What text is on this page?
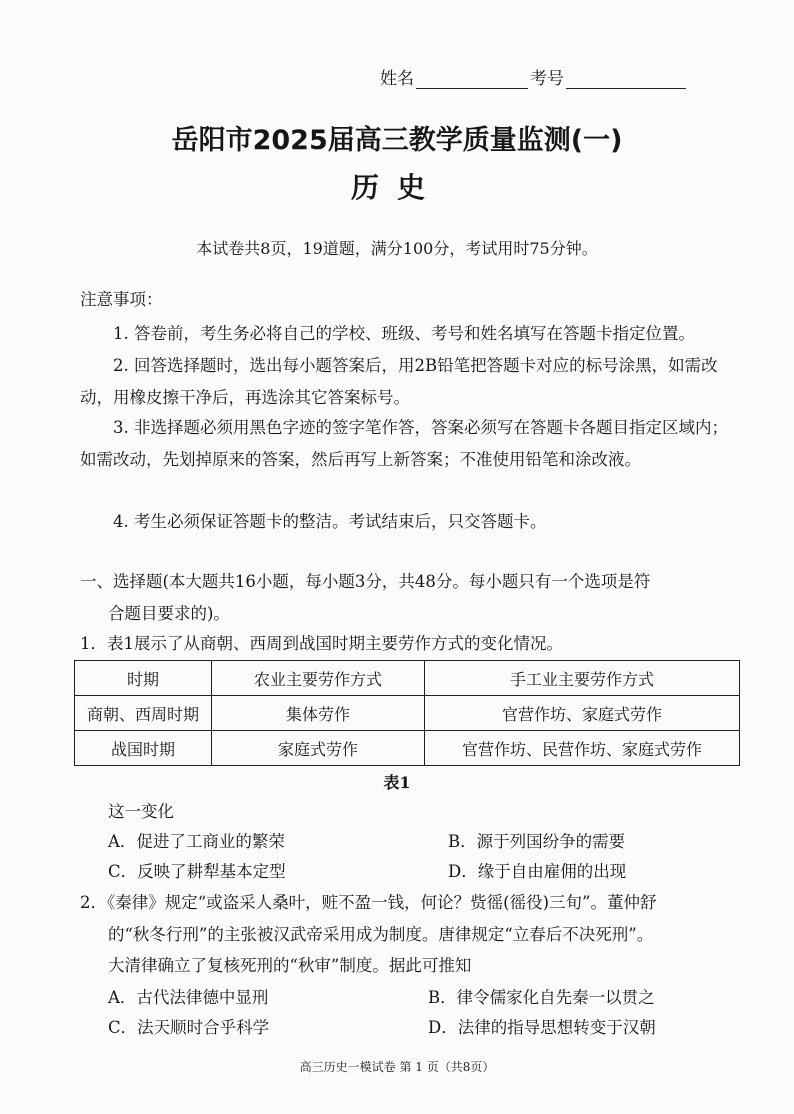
姓名	考号
岳阳市2025届高三教学质量监测(一)
历史
本试卷共8页，19道题，满分100分，考试用时75分钟。
注意事项：
1. 答卷前，考生务必将自己的学校、班级、考号和姓名填写在答题卡指定位置。
2. 回答选择题时，选出每小题答案后，用2B铅笔把答题卡对应的标号涂黑，如需改动，用橡皮擦干净后，再选涂其它答案标号。
3. 非选择题必须用黑色字迹的签字笔作答，答案必须写在答题卡各题目指定区域内；如需改动，先划掉原来的答案，然后再写上新答案；不准使用铅笔和涂改液。
4. 考生必须保证答题卡的整洁。考试结束后，只交答题卡。
一、选择题(本大题共16小题，每小题3分，共48分。每小题只有一个选项是符
合题目要求的)。
1．表1展示了从商朝、西周到战国时期主要劳作方式的变化情况。
时期	农业主要劳作方式	手工业主要劳作方式
商朝、西周时期	集体劳作	官营作坊、家庭式劳作
战国时期	家庭式劳作	官营作坊、民营作坊、家庭式劳作
表1
这一变化
A．促进了工商业的繁荣	B．源于列国纷争的需要
C．反映了耕犁基本定型	D．缘于自由雇佣的出现
2．《秦律》规定“或盗采人桑叶，赃不盈一钱，何论？赀徭(徭役)三旬”。董仲舒
的“秋冬行刑”的主张被汉武帝采用成为制度。唐律规定“立春后不决死刑”。
大清律确立了复核死刑的“秋审”制度。据此可推知
A．古代法律德中显刑	B．律令儒家化自先秦一以贯之
C．法天顺时合乎科学	D．法律的指导思想转变于汉朝
高三历史一模试卷 第 1 页（共8页）
